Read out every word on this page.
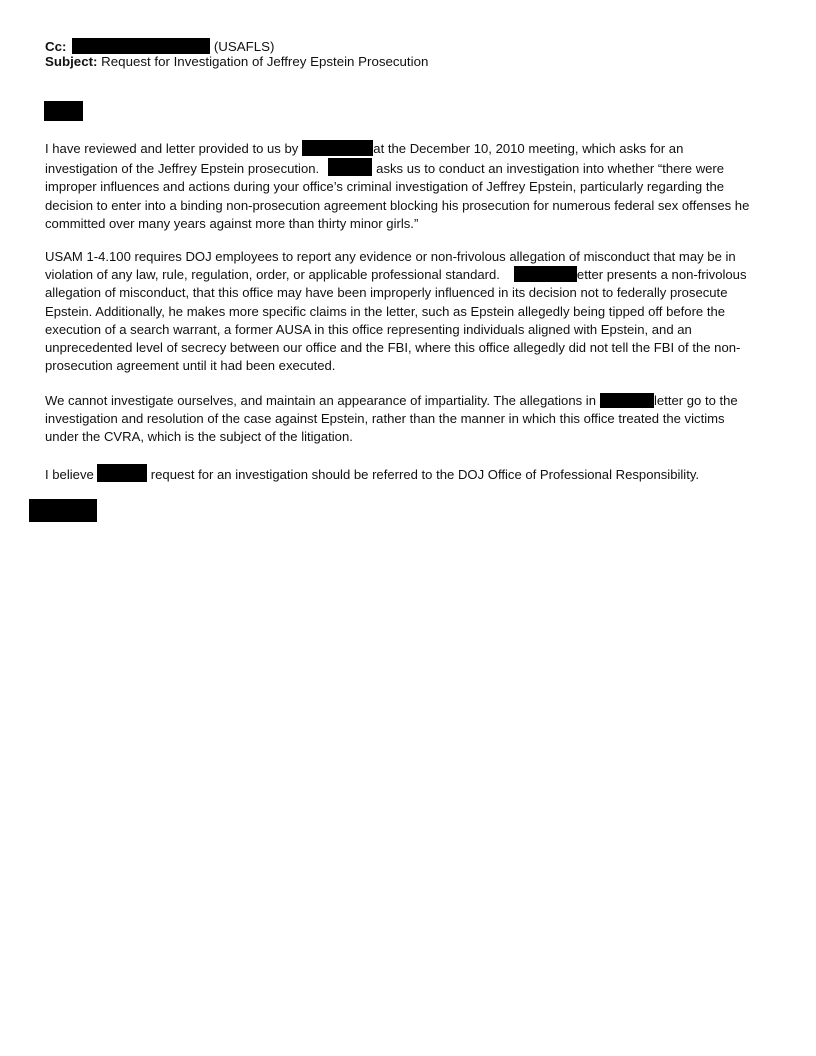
Cc:	(USAFLS)
Subject: Request for Investigation of Jeffrey Epstein Prosecution
I have reviewed and letter provided to us by	at the December 10, 2010 meeting, which asks for an
investigation of the Jeffrey Epstein prosecution.	asks us to conduct an investigation into whether “there were
improper influences and actions during your office’s criminal investigation of Jeffrey Epstein, particularly regarding the
decision to enter into a binding non-prosecution agreement blocking his prosecution for numerous federal sex offenses he
committed over many years against more than thirty minor girls.”
USAM 1-4.100 requires DOJ employees to report any evidence or non-frivolous allegation of misconduct that may be in
violation of any law, rule, regulation, order, or applicable professional standard.	etter presents a non-frivolous
allegation of misconduct, that this office may have been improperly influenced in its decision not to federally prosecute
Epstein. Additionally, he makes more specific claims in the letter, such as Epstein allegedly being tipped off before the
execution of a search warrant, a former AUSA in this office representing individuals aligned with Epstein, and an
unprecedented level of secrecy between our office and the FBI, where this office allegedly did not tell the FBI of the non-
prosecution agreement until it had been executed.
We cannot investigate ourselves, and maintain an appearance of impartiality. The allegations in	letter go to the
investigation and resolution of the case against Epstein, rather than the manner in which this office treated the victims
under the CVRA, which is the subject of the litigation.
I believe	request for an investigation should be referred to the DOJ Office of Professional Responsibility.
